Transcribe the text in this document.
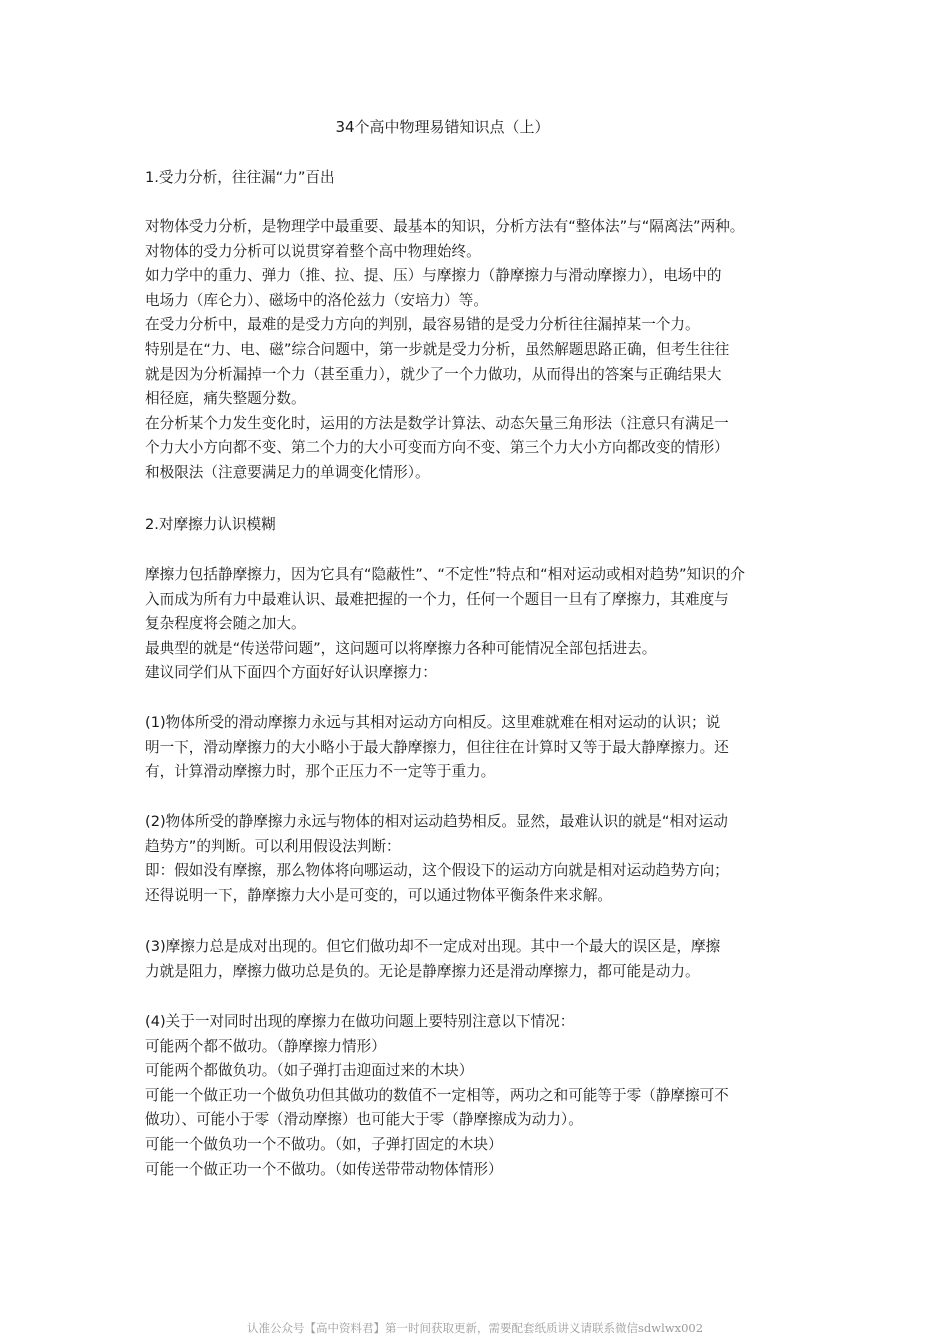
34个高中物理易错知识点（上）
1.受力分析，往往漏“力”百出
对物体受力分析，是物理学中最重要、最基本的知识，分析方法有“整体法”与“隔离法”两种。
对物体的受力分析可以说贯穿着整个高中物理始终。
如力学中的重力、弹力（推、拉、提、压）与摩擦力（静摩擦力与滑动摩擦力），电场中的
电场力（库仑力）、磁场中的洛伦兹力（安培力）等。
在受力分析中，最难的是受力方向的判别，最容易错的是受力分析往往漏掉某一个力。
特别是在“力、电、磁”综合问题中，第一步就是受力分析，虽然解题思路正确，但考生往往
就是因为分析漏掉一个力（甚至重力），就少了一个力做功，从而得出的答案与正确结果大
相径庭，痛失整题分数。
在分析某个力发生变化时，运用的方法是数学计算法、动态矢量三角形法（注意只有满足一
个力大小方向都不变、第二个力的大小可变而方向不变、第三个力大小方向都改变的情形）
和极限法（注意要满足力的单调变化情形）。
2.对摩擦力认识模糊
摩擦力包括静摩擦力，因为它具有“隐蔽性”、“不定性”特点和“相对运动或相对趋势”知识的介
入而成为所有力中最难认识、最难把握的一个力，任何一个题目一旦有了摩擦力，其难度与
复杂程度将会随之加大。
最典型的就是“传送带问题”，这问题可以将摩擦力各种可能情况全部包括进去。
建议同学们从下面四个方面好好认识摩擦力：
(1)物体所受的滑动摩擦力永远与其相对运动方向相反。这里难就难在相对运动的认识；说
明一下，滑动摩擦力的大小略小于最大静摩擦力，但往往在计算时又等于最大静摩擦力。还
有，计算滑动摩擦力时，那个正压力不一定等于重力。
(2)物体所受的静摩擦力永远与物体的相对运动趋势相反。显然，最难认识的就是“相对运动
趋势方”的判断。可以利用假设法判断：
即：假如没有摩擦，那么物体将向哪运动，这个假设下的运动方向就是相对运动趋势方向；
还得说明一下，静摩擦力大小是可变的，可以通过物体平衡条件来求解。
(3)摩擦力总是成对出现的。但它们做功却不一定成对出现。其中一个最大的误区是，摩擦
力就是阻力，摩擦力做功总是负的。无论是静摩擦力还是滑动摩擦力，都可能是动力。
(4)关于一对同时出现的摩擦力在做功问题上要特别注意以下情况：
可能两个都不做功。（静摩擦力情形）
可能两个都做负功。（如子弹打击迎面过来的木块）
可能一个做正功一个做负功但其做功的数值不一定相等，两功之和可能等于零（静摩擦可不
做功）、可能小于零（滑动摩擦）也可能大于零（静摩擦成为动力）。
可能一个做负功一个不做功。（如，子弹打固定的木块）
可能一个做正功一个不做功。（如传送带带动物体情形）
认准公众号【高中资料君】第一时间获取更新，需要配套纸质讲义请联系微信sdwlwx002
